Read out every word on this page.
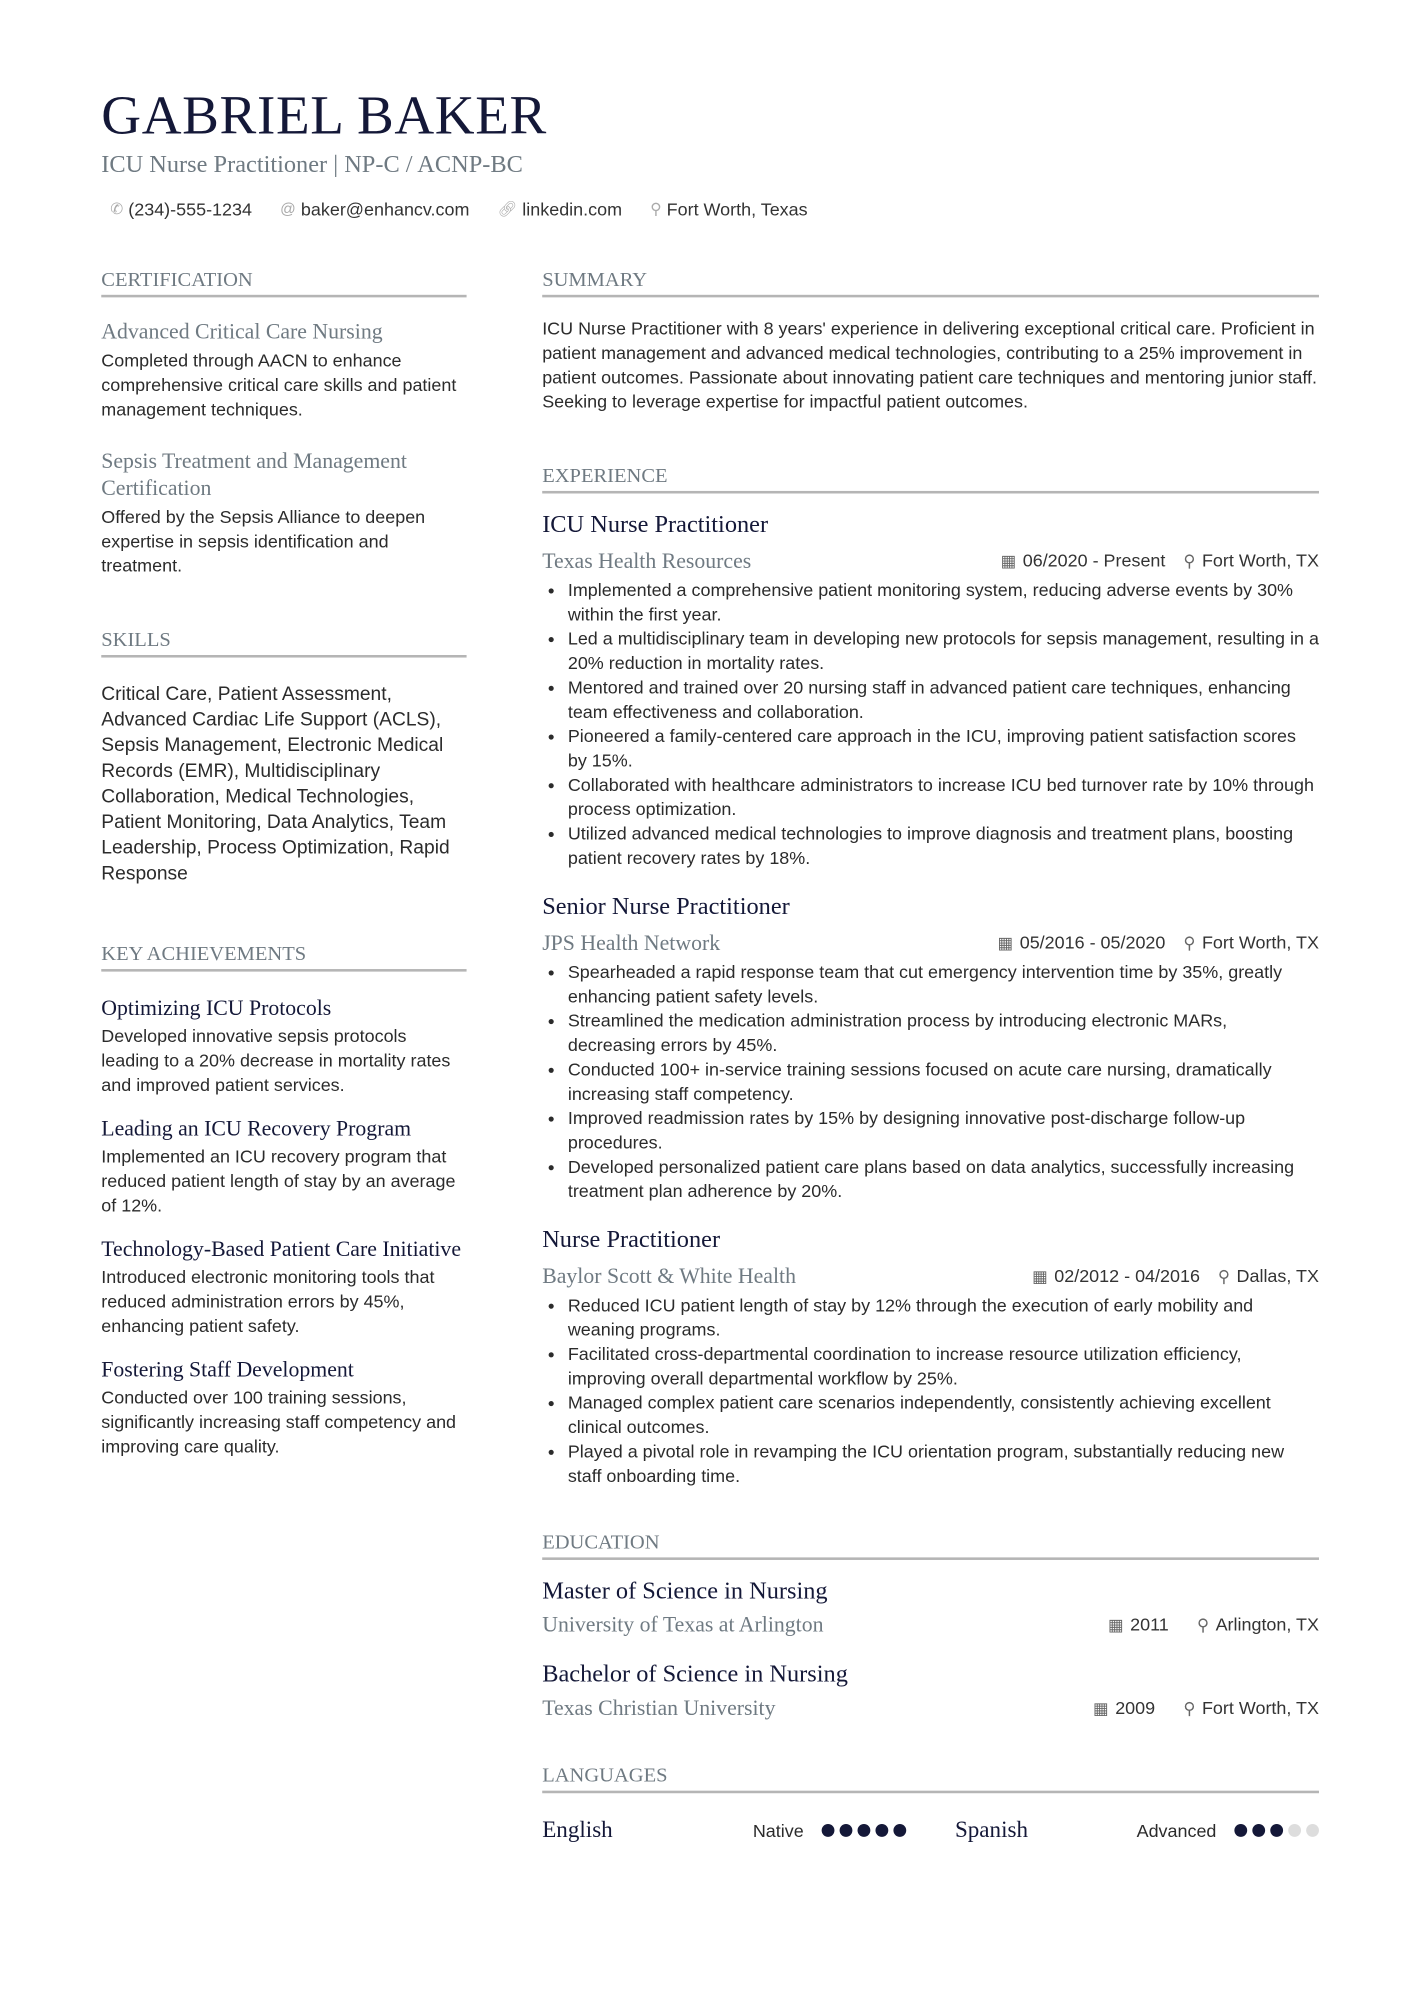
GABRIEL BAKER
ICU Nurse Practitioner | NP-C / ACNP-BC
✆ (234)-555-1234 @ baker@enhancv.com 🔗︎ linkedin.com ⚲ Fort Worth, Texas
CERTIFICATION
Advanced Critical Care Nursing
Completed through AACN to enhance comprehensive critical care skills and patient management techniques.
Sepsis Treatment and Management Certification
Offered by the Sepsis Alliance to deepen expertise in sepsis identification and treatment.
SKILLS
Critical Care, Patient Assessment, Advanced Cardiac Life Support (ACLS), Sepsis Management, Electronic Medical Records (EMR), Multidisciplinary Collaboration, Medical Technologies, Patient Monitoring, Data Analytics, Team Leadership, Process Optimization, Rapid Response
KEY ACHIEVEMENTS
Optimizing ICU Protocols
Developed innovative sepsis protocols leading to a 20% decrease in mortality rates and improved patient services.
Leading an ICU Recovery Program
Implemented an ICU recovery program that reduced patient length of stay by an average of 12%.
Technology-Based Patient Care Initiative
Introduced electronic monitoring tools that reduced administration errors by 45%, enhancing patient safety.
Fostering Staff Development
Conducted over 100 training sessions, significantly increasing staff competency and improving care quality.
SUMMARY
ICU Nurse Practitioner with 8 years' experience in delivering exceptional critical care. Proficient in patient management and advanced medical technologies, contributing to a 25% improvement in patient outcomes. Passionate about innovating patient care techniques and mentoring junior staff. Seeking to leverage expertise for impactful patient outcomes.
EXPERIENCE
ICU Nurse Practitioner
Texas Health Resources	▦ 06/2020 - Present ⚲ Fort Worth, TX
• Implemented a comprehensive patient monitoring system, reducing adverse events by 30% within the first year.
• Led a multidisciplinary team in developing new protocols for sepsis management, resulting in a 20% reduction in mortality rates.
• Mentored and trained over 20 nursing staff in advanced patient care techniques, enhancing team effectiveness and collaboration.
• Pioneered a family-centered care approach in the ICU, improving patient satisfaction scores by 15%.
• Collaborated with healthcare administrators to increase ICU bed turnover rate by 10% through process optimization.
• Utilized advanced medical technologies to improve diagnosis and treatment plans, boosting patient recovery rates by 18%.
Senior Nurse Practitioner
JPS Health Network	▦ 05/2016 - 05/2020 ⚲ Fort Worth, TX
• Spearheaded a rapid response team that cut emergency intervention time by 35%, greatly enhancing patient safety levels.
• Streamlined the medication administration process by introducing electronic MARs, decreasing errors by 45%.
• Conducted 100+ in-service training sessions focused on acute care nursing, dramatically increasing staff competency.
• Improved readmission rates by 15% by designing innovative post-discharge follow-up procedures.
• Developed personalized patient care plans based on data analytics, successfully increasing treatment plan adherence by 20%.
Nurse Practitioner
Baylor Scott & White Health	▦ 02/2012 - 04/2016 ⚲ Dallas, TX
• Reduced ICU patient length of stay by 12% through the execution of early mobility and weaning programs.
• Facilitated cross-departmental coordination to increase resource utilization efficiency, improving overall departmental workflow by 25%.
• Managed complex patient care scenarios independently, consistently achieving excellent clinical outcomes.
• Played a pivotal role in revamping the ICU orientation program, substantially reducing new staff onboarding time.
EDUCATION
Master of Science in Nursing
University of Texas at Arlington	▦ 2011 ⚲ Arlington, TX
Bachelor of Science in Nursing
Texas Christian University	▦ 2009 ⚲ Fort Worth, TX
LANGUAGES
English	Native	Spanish	Advanced
